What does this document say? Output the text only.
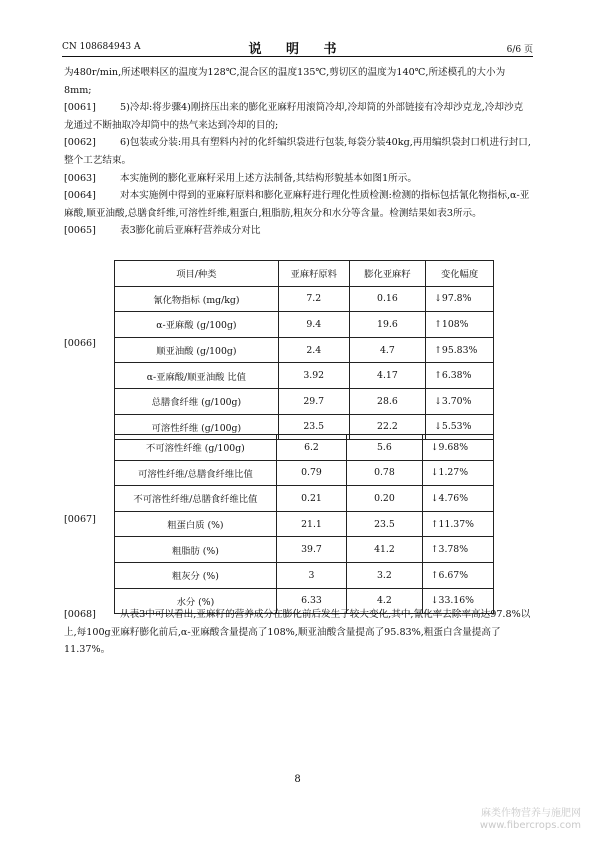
CN 108684943 A	说 明 书	6/6 页
为480r/min,所述喂料区的温度为128℃,混合区的温度135℃,剪切区的温度为140℃,所述模孔的大小为8mm;
[0061]	5)冷却:将步骤4)刚挤压出来的膨化亚麻籽用滚筒冷却,冷却筒的外部链接有冷却沙克龙,冷却沙克龙通过不断抽取冷却筒中的热气来达到冷却的目的;
[0062]	6)包装或分装:用具有塑料内衬的化纤编织袋进行包装,每袋分装40kg,再用编织袋封口机进行封口,整个工艺结束。
[0063]	本实施例的膨化亚麻籽采用上述方法制备,其结构形貌基本如图1所示。
[0064]	对本实施例中得到的亚麻籽原料和膨化亚麻籽进行理化性质检测:检测的指标包括氰化物指标,α-亚麻酸,顺亚油酸,总膳食纤维,可溶性纤维,粗蛋白,粗脂肪,粗灰分和水分等含量。检测结果如表3所示。
[0065]	表3膨化前后亚麻籽营养成分对比
[0066]
项目/种类	亚麻籽原料	膨化亚麻籽	变化幅度
氰化物指标 (mg/kg)	7.2	0.16	↓97.8%
α-亚麻酸 (g/100g)	9.4	19.6	↑108%
顺亚油酸 (g/100g)	2.4	4.7	↑95.83%
α-亚麻酸/顺亚油酸 比值	3.92	4.17	↑6.38%
总膳食纤维 (g/100g)	29.7	28.6	↓3.70%
可溶性纤维 (g/100g)	23.5	22.2	↓5.53%
[0067]
不可溶性纤维 (g/100g)	6.2	5.6	↓9.68%
可溶性纤维/总膳食纤维比值	0.79	0.78	↓1.27%
不可溶性纤维/总膳食纤维比值	0.21	0.20	↓4.76%
粗蛋白质 (%)	21.1	23.5	↑11.37%
粗脂肪 (%)	39.7	41.2	↑3.78%
粗灰分 (%)	3	3.2	↑6.67%
水分 (%)	6.33	4.2	↓33.16%
[0068]	从表3中可以看出,亚麻籽的营养成分在膨化前后发生了较大变化,其中,氰化率去除率高达97.8%以上,每100g亚麻籽膨化前后,α-亚麻酸含量提高了108%,顺亚油酸含量提高了95.83%,粗蛋白含量提高了11.37%。
8
麻类作物营养与施肥网
www.fibercrops.com
